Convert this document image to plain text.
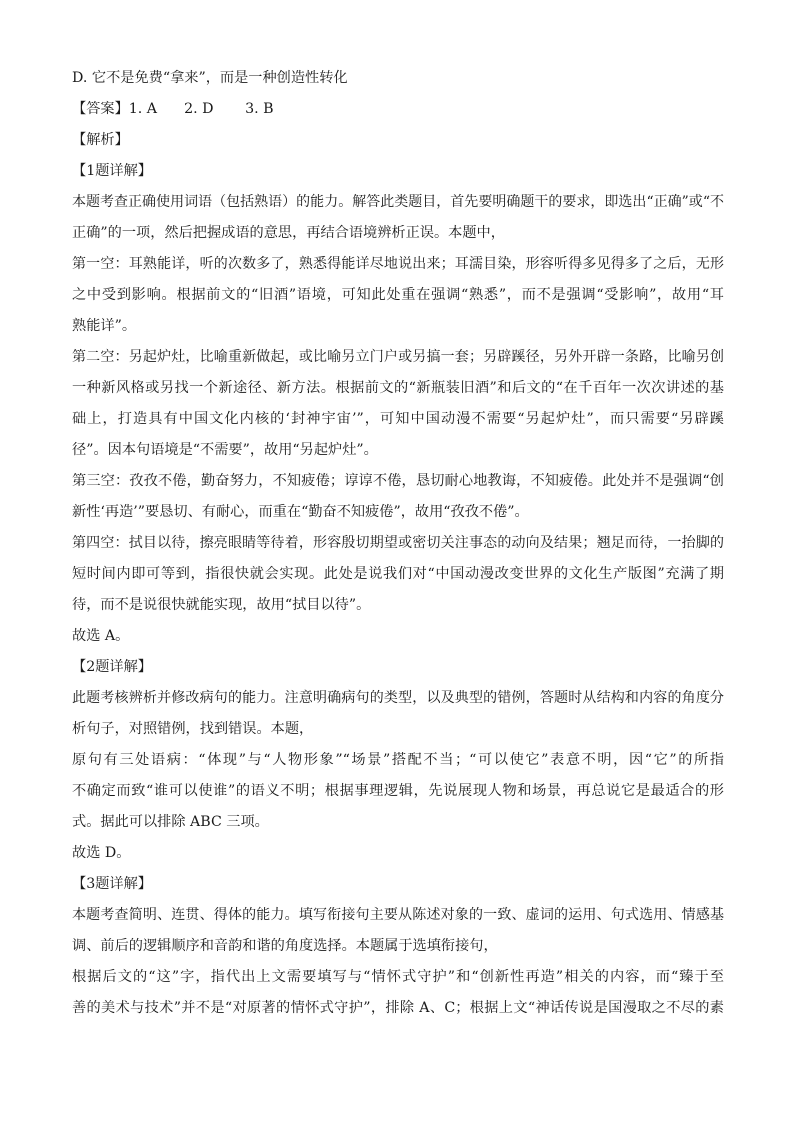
D. 它不是免费“拿来”，而是一种创造性转化
【答案】1. A      2. D       3. B
【解析】
【1题详解】
本题考查正确使用词语（包括熟语）的能力。解答此类题目，首先要明确题干的要求，即选出“正确”或“不
正确”的一项，然后把握成语的意思，再结合语境辨析正误。本题中，
第一空：耳熟能详，听的次数多了，熟悉得能详尽地说出来；耳濡目染，形容听得多见得多了之后，无形
之中受到影响。根据前文的“旧酒”语境，可知此处重在强调“熟悉”，而不是强调“受影响”，故用“耳
熟能详”。
第二空：另起炉灶，比喻重新做起，或比喻另立门户或另搞一套；另辟蹊径，另外开辟一条路，比喻另创
一种新风格或另找一个新途径、新方法。根据前文的“新瓶装旧酒”和后文的“在千百年一次次讲述的基
础上，打造具有中国文化内核的‘封神宇宙’”，可知中国动漫不需要“另起炉灶”，而只需要“另辟蹊
径”。因本句语境是“不需要”，故用“另起炉灶”。
第三空：孜孜不倦，勤奋努力，不知疲倦；谆谆不倦，恳切耐心地教诲，不知疲倦。此处并不是强调“创
新性‘再造’”要恳切、有耐心，而重在“勤奋不知疲倦”，故用“孜孜不倦”。
第四空：拭目以待，擦亮眼睛等待着，形容殷切期望或密切关注事态的动向及结果；翘足而待，一抬脚的
短时间内即可等到，指很快就会实现。此处是说我们对“中国动漫改变世界的文化生产版图”充满了期
待，而不是说很快就能实现，故用“拭目以待”。
故选 A。
【2题详解】
此题考核辨析并修改病句的能力。注意明确病句的类型，以及典型的错例，答题时从结构和内容的角度分
析句子，对照错例，找到错误。本题，
原句有三处语病：“体现”与“人物形象”“场景”搭配不当；“可以使它”表意不明，因“它”的所指
不确定而致“谁可以使谁”的语义不明；根据事理逻辑，先说展现人物和场景，再总说它是最适合的形
式。据此可以排除 ABC 三项。
故选 D。
【3题详解】
本题考查简明、连贯、得体的能力。填写衔接句主要从陈述对象的一致、虚词的运用、句式选用、情感基
调、前后的逻辑顺序和音韵和谐的角度选择。本题属于选填衔接句，
根据后文的“这”字，指代出上文需要填写与“情怀式守护”和“创新性再造”相关的内容，而“臻于至
善的美术与技术”并不是“对原著的情怀式守护”，排除 A、C；根据上文“神话传说是国漫取之不尽的素
